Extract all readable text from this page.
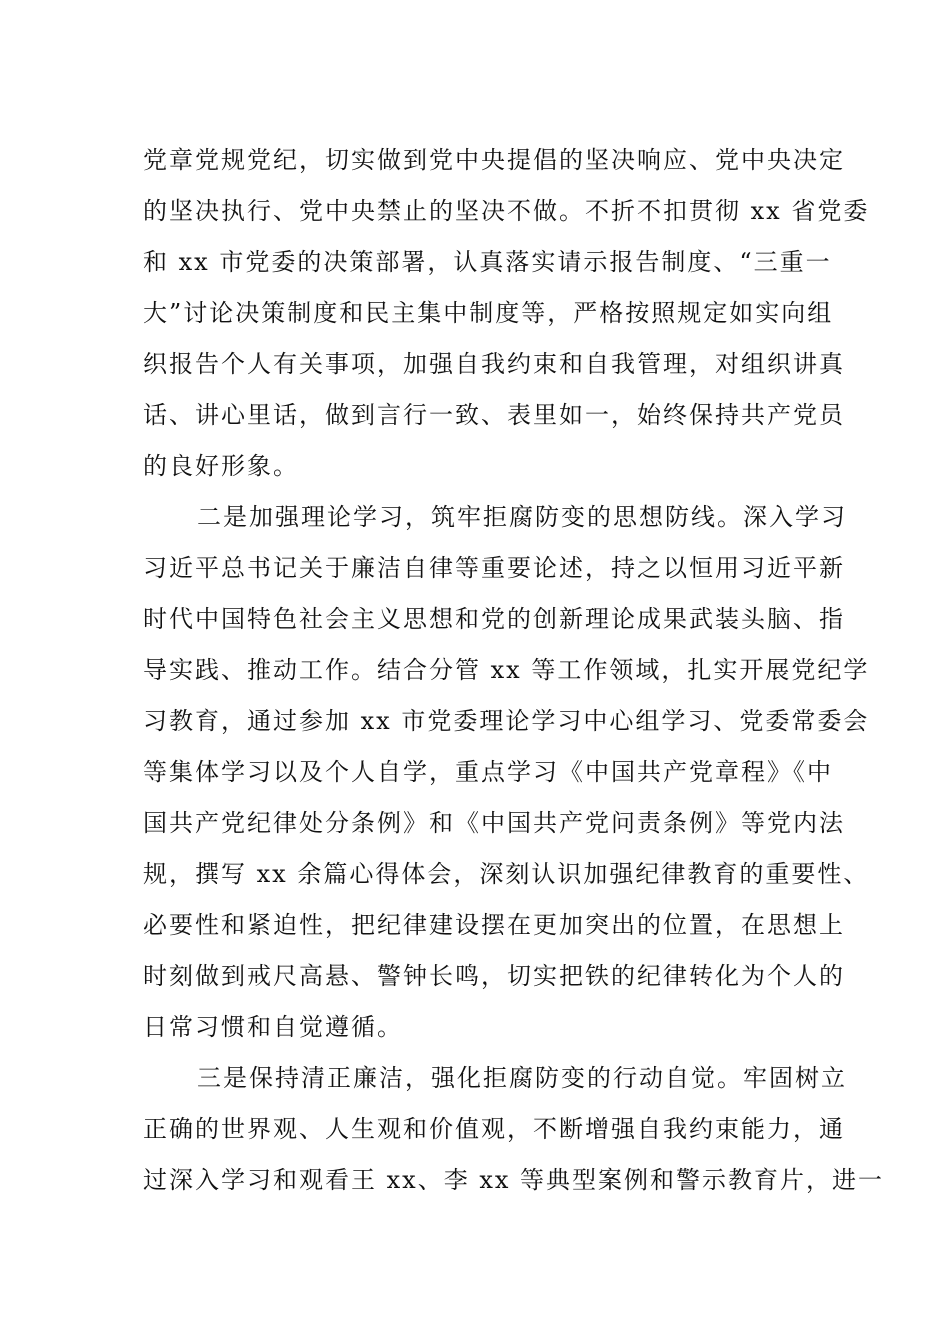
党章党规党纪，切实做到党中央提倡的坚决响应、党中央决定
的坚决执行、党中央禁止的坚决不做。不折不扣贯彻 xx 省党委
和 xx 市党委的决策部署，认真落实请示报告制度、“三重一
大”讨论决策制度和民主集中制度等，严格按照规定如实向组
织报告个人有关事项，加强自我约束和自我管理，对组织讲真
话、讲心里话，做到言行一致、表里如一，始终保持共产党员
的良好形象。
二是加强理论学习，筑牢拒腐防变的思想防线。深入学习
习近平总书记关于廉洁自律等重要论述，持之以恒用习近平新
时代中国特色社会主义思想和党的创新理论成果武装头脑、指
导实践、推动工作。结合分管 xx 等工作领域，扎实开展党纪学
习教育，通过参加 xx 市党委理论学习中心组学习、党委常委会
等集体学习以及个人自学，重点学习《中国共产党章程》《中
国共产党纪律处分条例》和《中国共产党问责条例》等党内法
规，撰写 xx 余篇心得体会，深刻认识加强纪律教育的重要性、
必要性和紧迫性，把纪律建设摆在更加突出的位置，在思想上
时刻做到戒尺高悬、警钟长鸣，切实把铁的纪律转化为个人的
日常习惯和自觉遵循。
三是保持清正廉洁，强化拒腐防变的行动自觉。牢固树立
正确的世界观、人生观和价值观，不断增强自我约束能力，通
过深入学习和观看王 xx、李 xx 等典型案例和警示教育片，进一
